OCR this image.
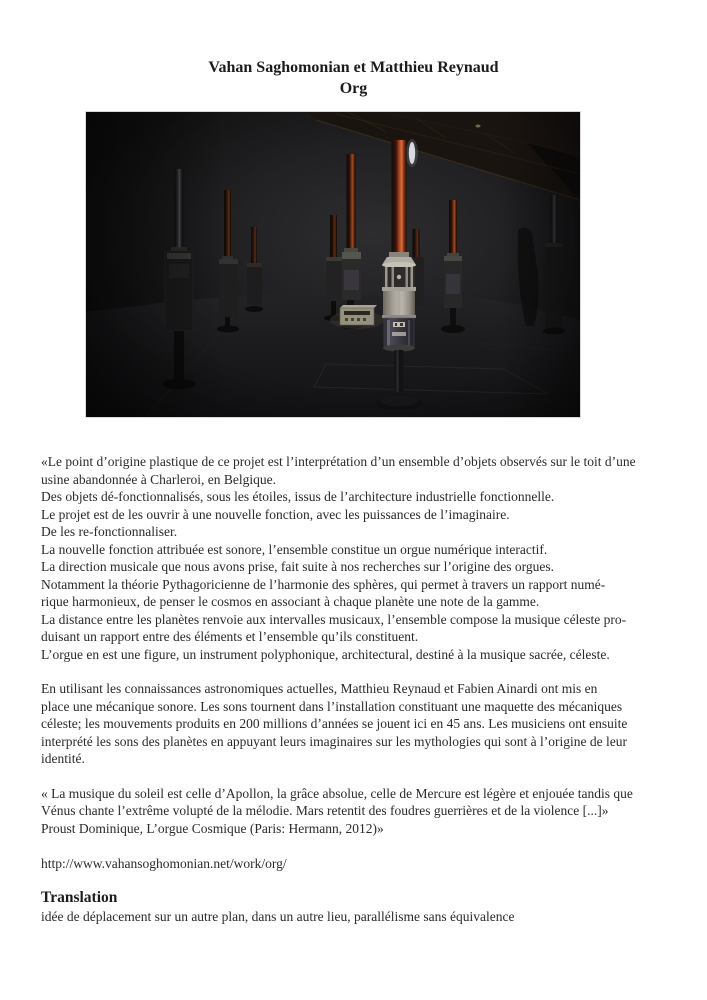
Vahan Saghomonian et Matthieu Reynaud
Org
«Le point d’origine plastique de ce projet est l’interprétation d’un ensemble d’objets observés sur le toit d’une
usine abandonnée à Charleroi, en Belgique.
Des objets dé-fonctionnalisés, sous les étoiles, issus de l’architecture industrielle fonctionnelle.
Le projet est de les ouvrir à une nouvelle fonction, avec les puissances de l’imaginaire.
De les re-fonctionnaliser.
La nouvelle fonction attribuée est sonore, l’ensemble constitue un orgue numérique interactif.
La direction musicale que nous avons prise, fait suite à nos recherches sur l’origine des orgues.
Notamment la théorie Pythagoricienne de l’harmonie des sphères, qui permet à travers un rapport numé-
rique harmonieux, de penser le cosmos en associant à chaque planète une note de la gamme.
La distance entre les planètes renvoie aux intervalles musicaux, l’ensemble compose la musique céleste pro-
duisant un rapport entre des éléments et l’ensemble qu’ils constituent.
L’orgue en est une figure, un instrument polyphonique, architectural, destiné à la musique sacrée, céleste.
En utilisant les connaissances astronomiques actuelles, Matthieu Reynaud et Fabien Ainardi ont mis en
place une mécanique sonore. Les sons tournent dans l’installation constituant une maquette des mécaniques
céleste; les mouvements produits en 200 millions d’années se jouent ici en 45 ans. Les musiciens ont ensuite
interprété les sons des planètes en appuyant leurs imaginaires sur les mythologies qui sont à l’origine de leur
identité.
« La musique du soleil est celle d’Apollon, la grâce absolue, celle de Mercure est légère et enjouée tandis que
Vénus chante l’extrême volupté de la mélodie. Mars retentit des foudres guerrières et de la violence [...]»
Proust Dominique, L’orgue Cosmique (Paris: Hermann, 2012)»
http://www.vahansoghomonian.net/work/org/
Translation
idée de déplacement sur un autre plan, dans un autre lieu, parallélisme sans équivalence
